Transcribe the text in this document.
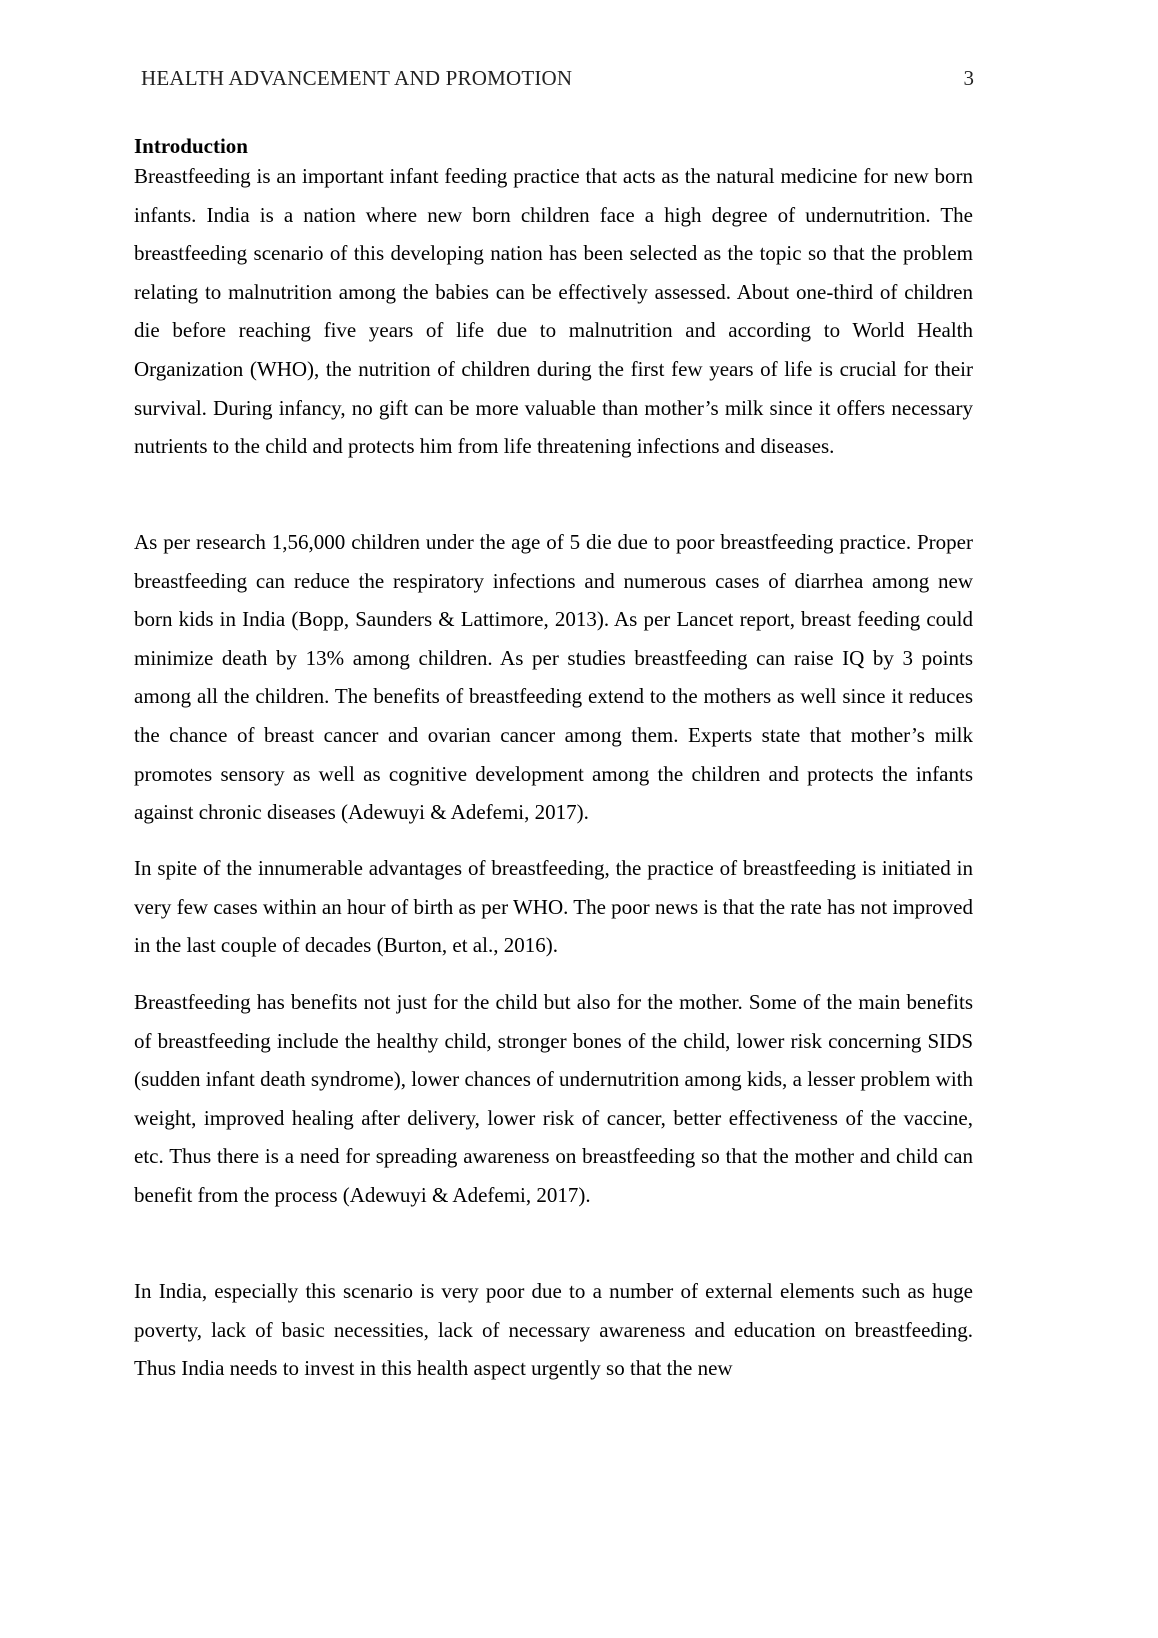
HEALTH ADVANCEMENT AND PROMOTION	3
Introduction

Breastfeeding is an important infant feeding practice that acts as the natural medicine for new born infants. India is a nation where new born children face a high degree of undernutrition. The breastfeeding scenario of this developing nation has been selected as the topic so that the problem relating to malnutrition among the babies can be effectively assessed. About one-third of children die before reaching five years of life due to malnutrition and according to World Health Organization (WHO), the nutrition of children during the first few years of life is crucial for their survival. During infancy, no gift can be more valuable than mother’s milk since it offers necessary nutrients to the child and protects him from life threatening infections and diseases.

As per research 1,56,000 children under the age of 5 die due to poor breastfeeding practice. Proper breastfeeding can reduce the respiratory infections and numerous cases of diarrhea among new born kids in India (Bopp, Saunders & Lattimore, 2013). As per Lancet report, breast feeding could minimize death by 13% among children. As per studies breastfeeding can raise IQ by 3 points among all the children. The benefits of breastfeeding extend to the mothers as well since it reduces the chance of breast cancer and ovarian cancer among them. Experts state that mother’s milk promotes sensory as well as cognitive development among the children and protects the infants against chronic diseases (Adewuyi & Adefemi, 2017).

In spite of the innumerable advantages of breastfeeding, the practice of breastfeeding is initiated in very few cases within an hour of birth as per WHO. The poor news is that the rate has not improved in the last couple of decades (Burton, et al., 2016).

Breastfeeding has benefits not just for the child but also for the mother. Some of the main benefits of breastfeeding include the healthy child, stronger bones of the child, lower risk concerning SIDS (sudden infant death syndrome), lower chances of undernutrition among kids, a lesser problem with weight, improved healing after delivery, lower risk of cancer, better effectiveness of the vaccine, etc. Thus there is a need for spreading awareness on breastfeeding so that the mother and child can benefit from the process (Adewuyi & Adefemi, 2017).

In India, especially this scenario is very poor due to a number of external elements such as huge poverty, lack of basic necessities, lack of necessary awareness and education on breastfeeding. Thus India needs to invest in this health aspect urgently so that the new
